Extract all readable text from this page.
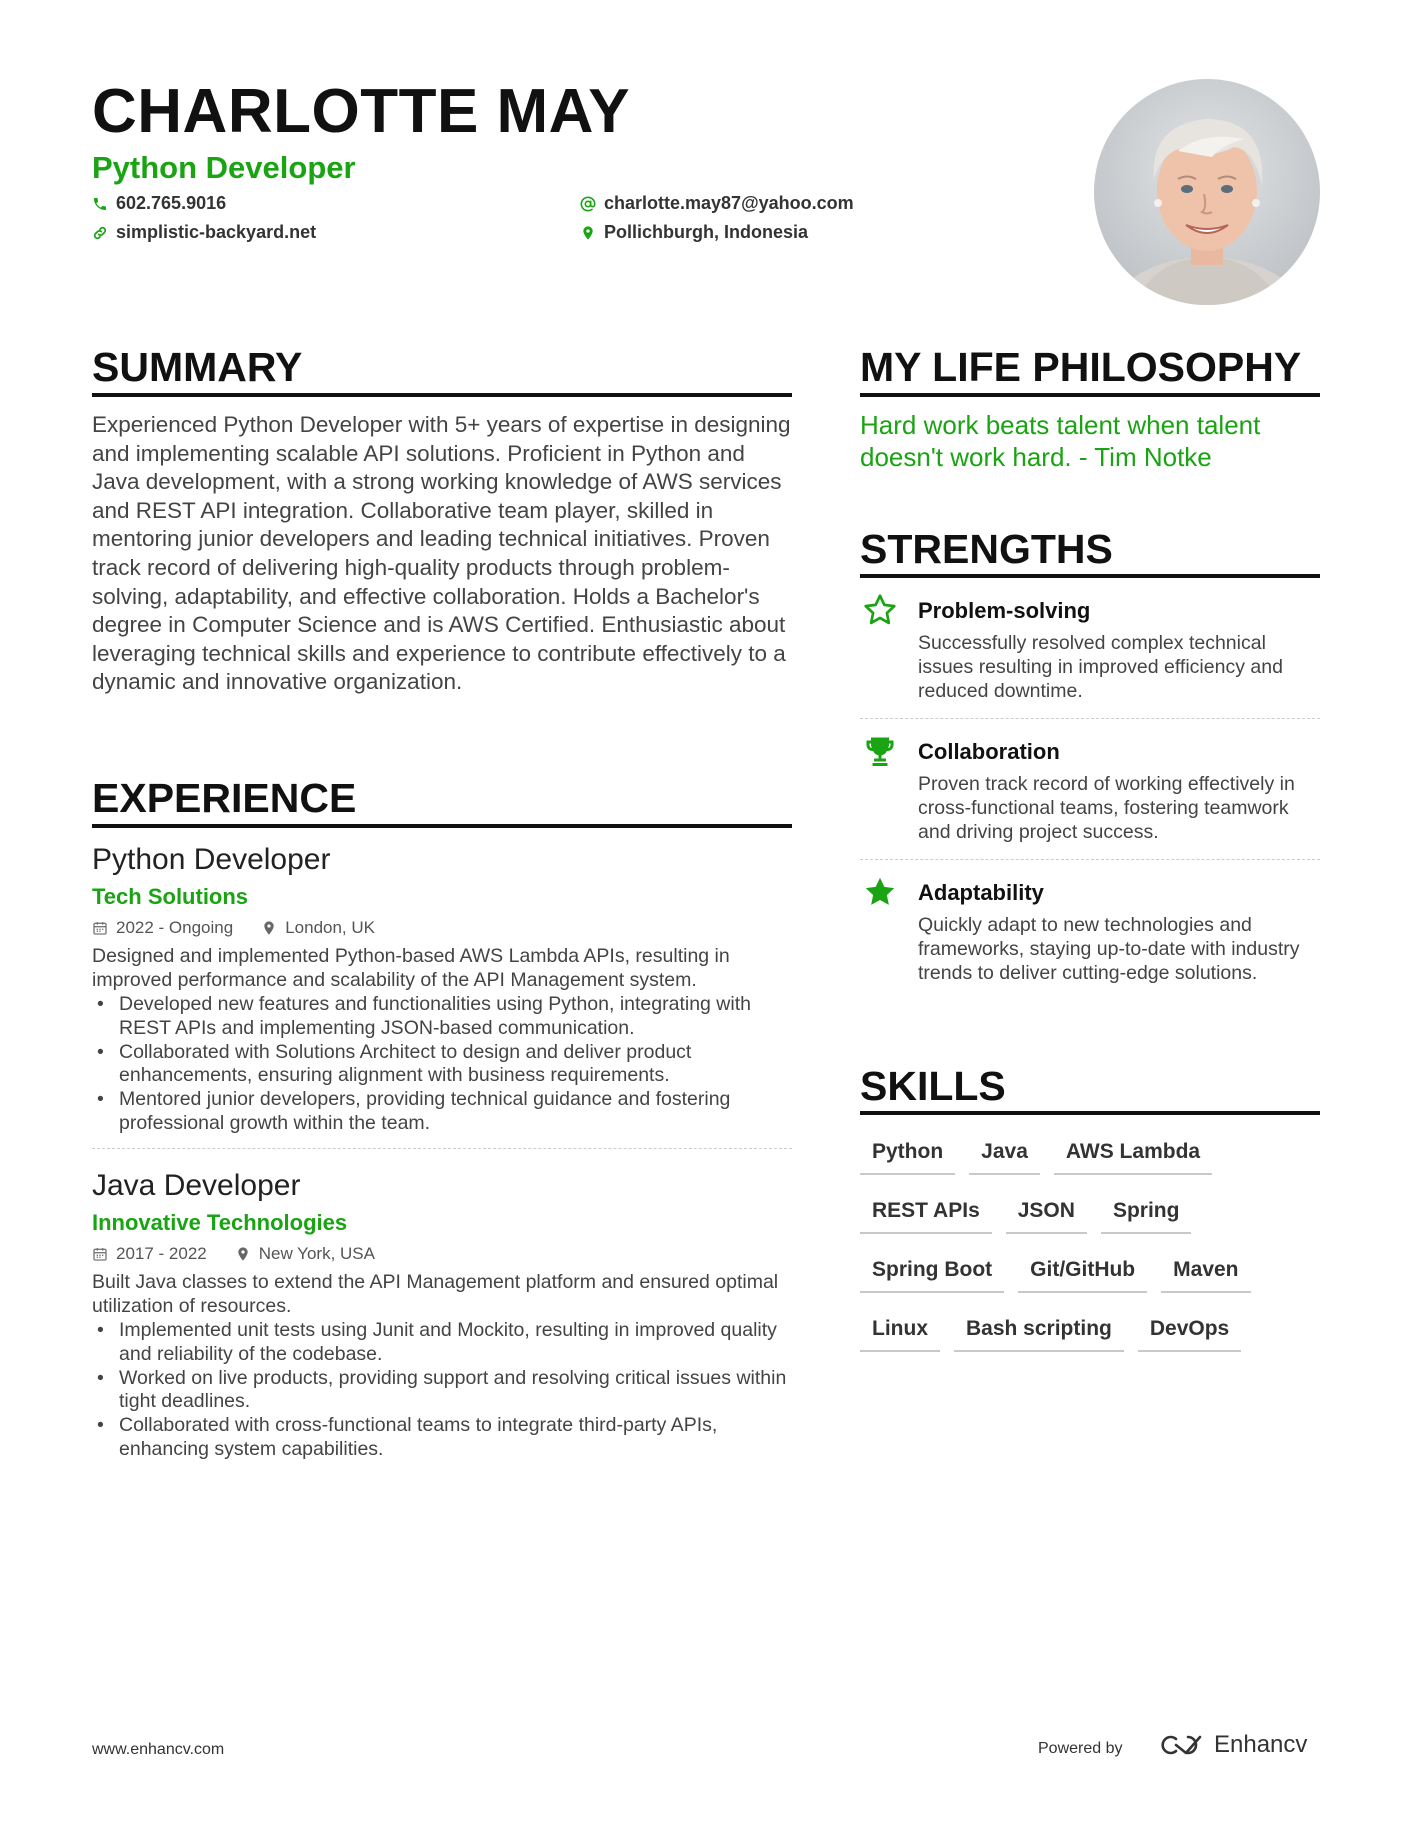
CHARLOTTE MAY
Python Developer
602.765.9016
simplistic-backyard.net
charlotte.may87@yahoo.com
Pollichburgh, Indonesia
SUMMARY
Experienced Python Developer with 5+ years of expertise in designing and implementing scalable API solutions. Proficient in Python and Java development, with a strong working knowledge of AWS services and REST API integration. Collaborative team player, skilled in mentoring junior developers and leading technical initiatives. Proven track record of delivering high-quality products through problem-solving, adaptability, and effective collaboration. Holds a Bachelor's degree in Computer Science and is AWS Certified. Enthusiastic about leveraging technical skills and experience to contribute effectively to a dynamic and innovative organization.
EXPERIENCE
Python Developer
Tech Solutions
2022 - Ongoing	London, UK
Designed and implemented Python-based AWS Lambda APIs, resulting in improved performance and scalability of the API Management system.
• Developed new features and functionalities using Python, integrating with REST APIs and implementing JSON-based communication.
• Collaborated with Solutions Architect to design and deliver product enhancements, ensuring alignment with business requirements.
• Mentored junior developers, providing technical guidance and fostering professional growth within the team.
Java Developer
Innovative Technologies
2017 - 2022	New York, USA
Built Java classes to extend the API Management platform and ensured optimal utilization of resources.
• Implemented unit tests using Junit and Mockito, resulting in improved quality and reliability of the codebase.
• Worked on live products, providing support and resolving critical issues within tight deadlines.
• Collaborated with cross-functional teams to integrate third-party APIs, enhancing system capabilities.
MY LIFE PHILOSOPHY
Hard work beats talent when talent doesn't work hard. - Tim Notke
STRENGTHS
Problem-solving
Successfully resolved complex technical issues resulting in improved efficiency and reduced downtime.
Collaboration
Proven track record of working effectively in cross-functional teams, fostering teamwork and driving project success.
Adaptability
Quickly adapt to new technologies and frameworks, staying up-to-date with industry trends to deliver cutting-edge solutions.
SKILLS
Python	Java	AWS Lambda
REST APIs	JSON	Spring
Spring Boot	Git/GitHub	Maven
Linux	Bash scripting	DevOps
www.enhancv.com	Powered by	Enhancv
